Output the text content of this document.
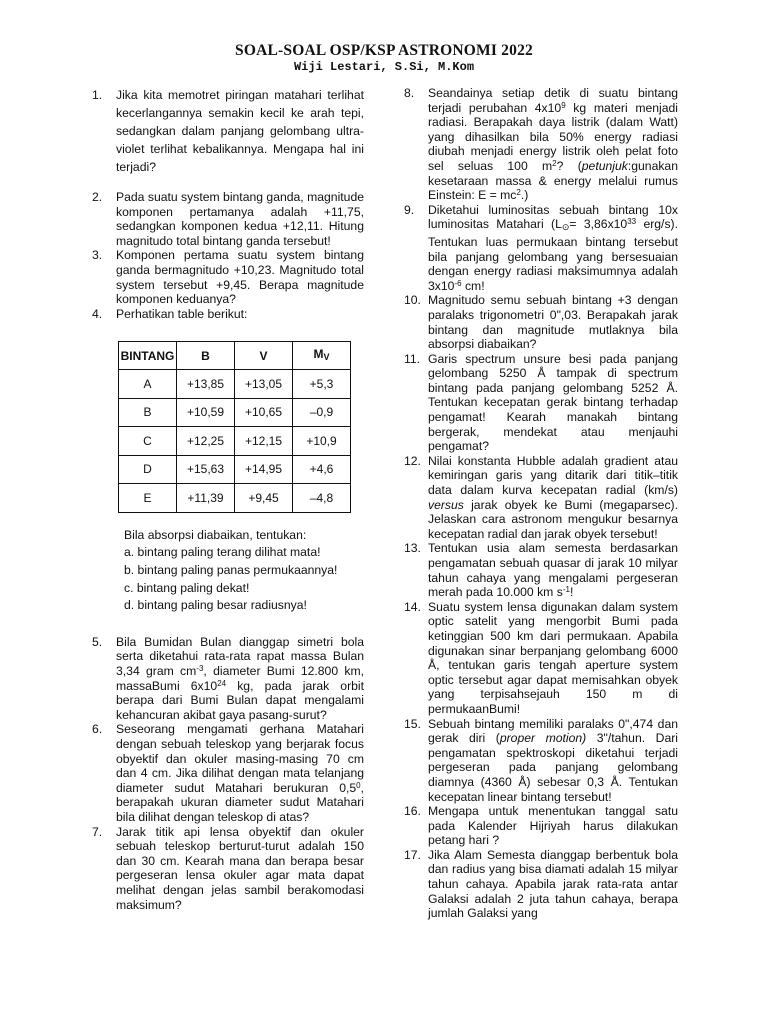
SOAL-SOAL OSP/KSP ASTRONOMI 2022
Wiji Lestari, S.Si, M.Kom
1. Jika kita memotret piringan matahari terlihat kecerlangannya semakin kecil ke arah tepi, sedangkan dalam panjang gelombang ultra-violet terlihat kebalikannya. Mengapa hal ini terjadi?
2. Pada suatu system bintang ganda, magnitude komponen pertamanya adalah +11,75, sedangkan komponen kedua +12,11. Hitung magnitudo total bintang ganda tersebut!
3. Komponen pertama suatu system bintang ganda bermagnitudo +10,23. Magnitudo total system tersebut +9,45. Berapa magnitude komponen keduanya?
4. Perhatikan table berikut:
BINTANG	B	V	$M_V$
A	+13,85	+13,05	+5,3
B	+10,59	+10,65	–0,9
C	+12,25	+12,15	+10,9
D	+15,63	+14,95	+4,6
E	+11,39	+9,45	–4,8
Bila absorpsi diabaikan, tentukan:
a. bintang paling terang dilihat mata!
b. bintang paling panas permukaannya!
c. bintang paling dekat!
d. bintang paling besar radiusnya!
5. Bila Bumidan Bulan dianggap simetri bola serta diketahui rata-rata rapat massa Bulan 3,34 gram $cm^{-3}$, diameter Bumi 12.800 km, massaBumi $6x10^{24}$ kg, pada jarak orbit berapa dari Bumi Bulan dapat mengalami kehancuran akibat gaya pasang-surut?
6. Seseorang mengamati gerhana Matahari dengan sebuah teleskop yang berjarak focus obyektif dan okuler masing-masing 70 cm dan 4 cm. Jika dilihat dengan mata telanjang diameter sudut Matahari berukuran $0,5^0$, berapakah ukuran diameter sudut Matahari bila dilihat dengan teleskop di atas?
7. Jarak titik api lensa obyektif dan okuler sebuah teleskop berturut-turut adalah 150 dan 30 cm. Kearah mana dan berapa besar pergeseran lensa okuler agar mata dapat melihat dengan jelas sambil berakomodasi maksimum?
8. Seandainya setiap detik di suatu bintang terjadi perubahan $4x10^9$ kg materi menjadi radiasi. Berapakah daya listrik (dalam Watt) yang dihasilkan bila 50% energy radiasi diubah menjadi energy listrik oleh pelat foto sel seluas 100 $m^2$? (petunjuk:gunakan kesetaraan massa & energy melalui rumus Einstein: $E = mc^2$.)
9. Diketahui luminositas sebuah bintang 10x luminositas Matahari ($L_⊙= 3,86x10^{33}$ erg/s). Tentukan luas permukaan bintang tersebut bila panjang gelombang yang bersesuaian dengan energy radiasi maksimumnya adalah $3x10^{-6}$ cm!
10. Magnitudo semu sebuah bintang +3 dengan paralaks trigonometri 0",03. Berapakah jarak bintang dan magnitude mutlaknya bila absorpsi diabaikan?
11. Garis spectrum unsure besi pada panjang gelombang 5250 Å tampak di spectrum bintang pada panjang gelombang 5252 Å. Tentukan kecepatan gerak bintang terhadap pengamat! Kearah manakah bintang bergerak, mendekat atau menjauhi pengamat?
12. Nilai konstanta Hubble adalah gradient atau kemiringan garis yang ditarik dari titik–titik data dalam kurva kecepatan radial (km/s) versus jarak obyek ke Bumi (megaparsec). Jelaskan cara astronom mengukur besarnya kecepatan radial dan jarak obyek tersebut!
13. Tentukan usia alam semesta berdasarkan pengamatan sebuah quasar di jarak 10 milyar tahun cahaya yang mengalami pergeseran merah pada 10.000 km $s^{-1}$!
14. Suatu system lensa digunakan dalam system optic satelit yang mengorbit Bumi pada ketinggian 500 km dari permukaan. Apabila digunakan sinar berpanjang gelombang 6000 Å, tentukan garis tengah aperture system optic tersebut agar dapat memisahkan obyek yang terpisahsejauh 150 m di permukaanBumi!
15. Sebuah bintang memiliki paralaks 0",474 dan gerak diri (proper motion) 3"/tahun. Dari pengamatan spektroskopi diketahui terjadi pergeseran pada panjang gelombang diamnya (4360 Å) sebesar 0,3 Å. Tentukan kecepatan linear bintang tersebut!
16. Mengapa untuk menentukan tanggal satu pada Kalender Hijriyah harus dilakukan petang hari ?
17. Jika Alam Semesta dianggap berbentuk bola dan radius yang bisa diamati adalah 15 milyar tahun cahaya. Apabila jarak rata-rata antar Galaksi adalah 2 juta tahun cahaya, berapa jumlah Galaksi yang
